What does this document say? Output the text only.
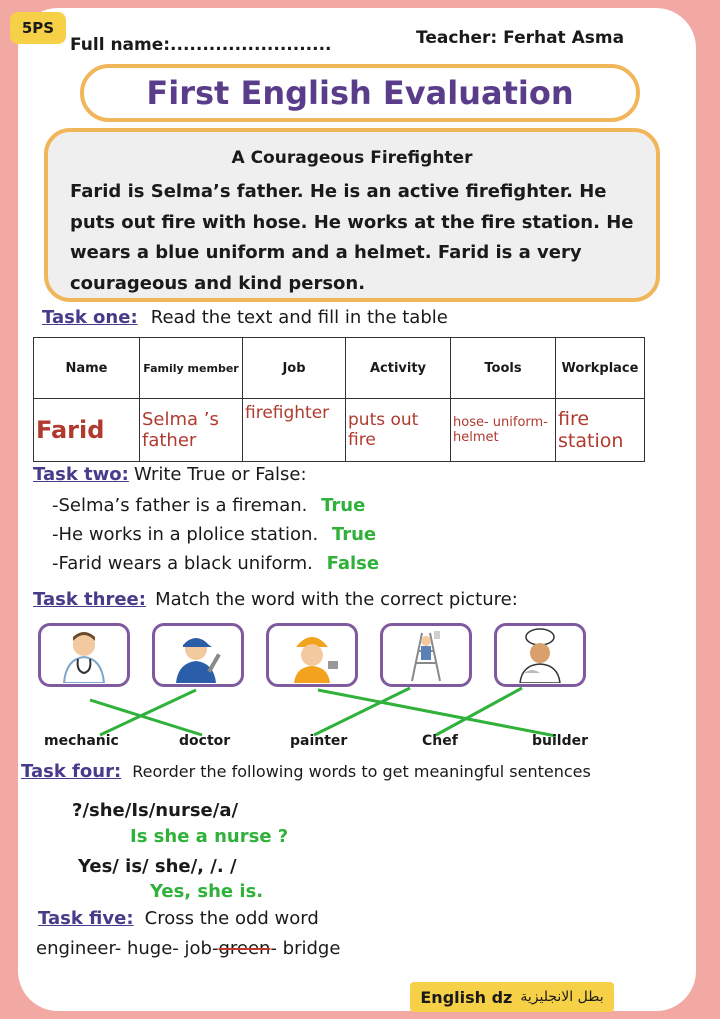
5PS
Full name:.........................	Teacher: Ferhat Asma
First English Evaluation
A Courageous Firefighter
Farid is Selma’s father. He is an active firefighter. He
puts out fire with hose. He works at the fire station. He
wears a blue uniform and a helmet. Farid is a very
courageous and kind person.
Task one: Read the text and fill in the table
Name	Family member	Job	Activity	Tools	Workplace
Farid	Selma ’s father	firefighter	puts out fire	hose- uniform- helmet	fire station
Task two: Write True or False:
-Selma’s father is a fireman. True
-He works in a plolice station. True
-Farid wears a black uniform. False
Task three: Match the word with the correct picture:
mechanic	doctor	painter	Chef	builder
Task four: Reorder the following words to get meaningful sentences
?/she/Is/nurse/a/
Is she a nurse ?
Yes/ is/ she/, /. /
Yes, she is.
Task five: Cross the odd word
engineer- huge- job-green- bridge
English dz بطل الانجليزية
